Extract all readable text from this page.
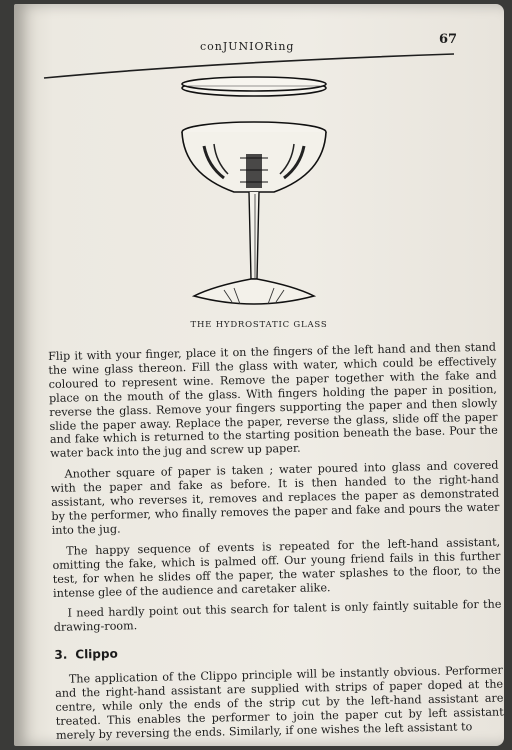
conJUNIORing	67
THE HYDROSTATIC GLASS

Flip it with your finger, place it on the fingers of the left hand and then stand the wine glass thereon. Fill the glass with water, which could be effectively coloured to represent wine. Remove the paper together with the fake and place on the mouth of the glass. With fingers holding the paper in position, reverse the glass. Remove your fingers supporting the paper and then slowly slide the paper away. Replace the paper, reverse the glass, slide off the paper and fake which is returned to the starting position beneath the base. Pour the water back into the jug and screw up paper.

Another square of paper is taken ; water poured into glass and covered with the paper and fake as before. It is then handed to the right-hand assistant, who reverses it, removes and replaces the paper as demonstrated by the performer, who finally removes the paper and fake and pours the water into the jug.

The happy sequence of events is repeated for the left-hand assistant, omitting the fake, which is palmed off. Our young friend fails in this further test, for when he slides off the paper, the water splashes to the floor, to the intense glee of the audience and caretaker alike.

I need hardly point out this search for talent is only faintly suitable for the drawing-room.

3. Clippo

The application of the Clippo principle will be instantly obvious. Performer and the right-hand assistant are supplied with strips of paper doped at the centre, while only the ends of the strip cut by the left-hand assistant are treated. This enables the performer to join the paper cut by left assistant merely by reversing the ends. Similarly, if one wishes the left assistant to
